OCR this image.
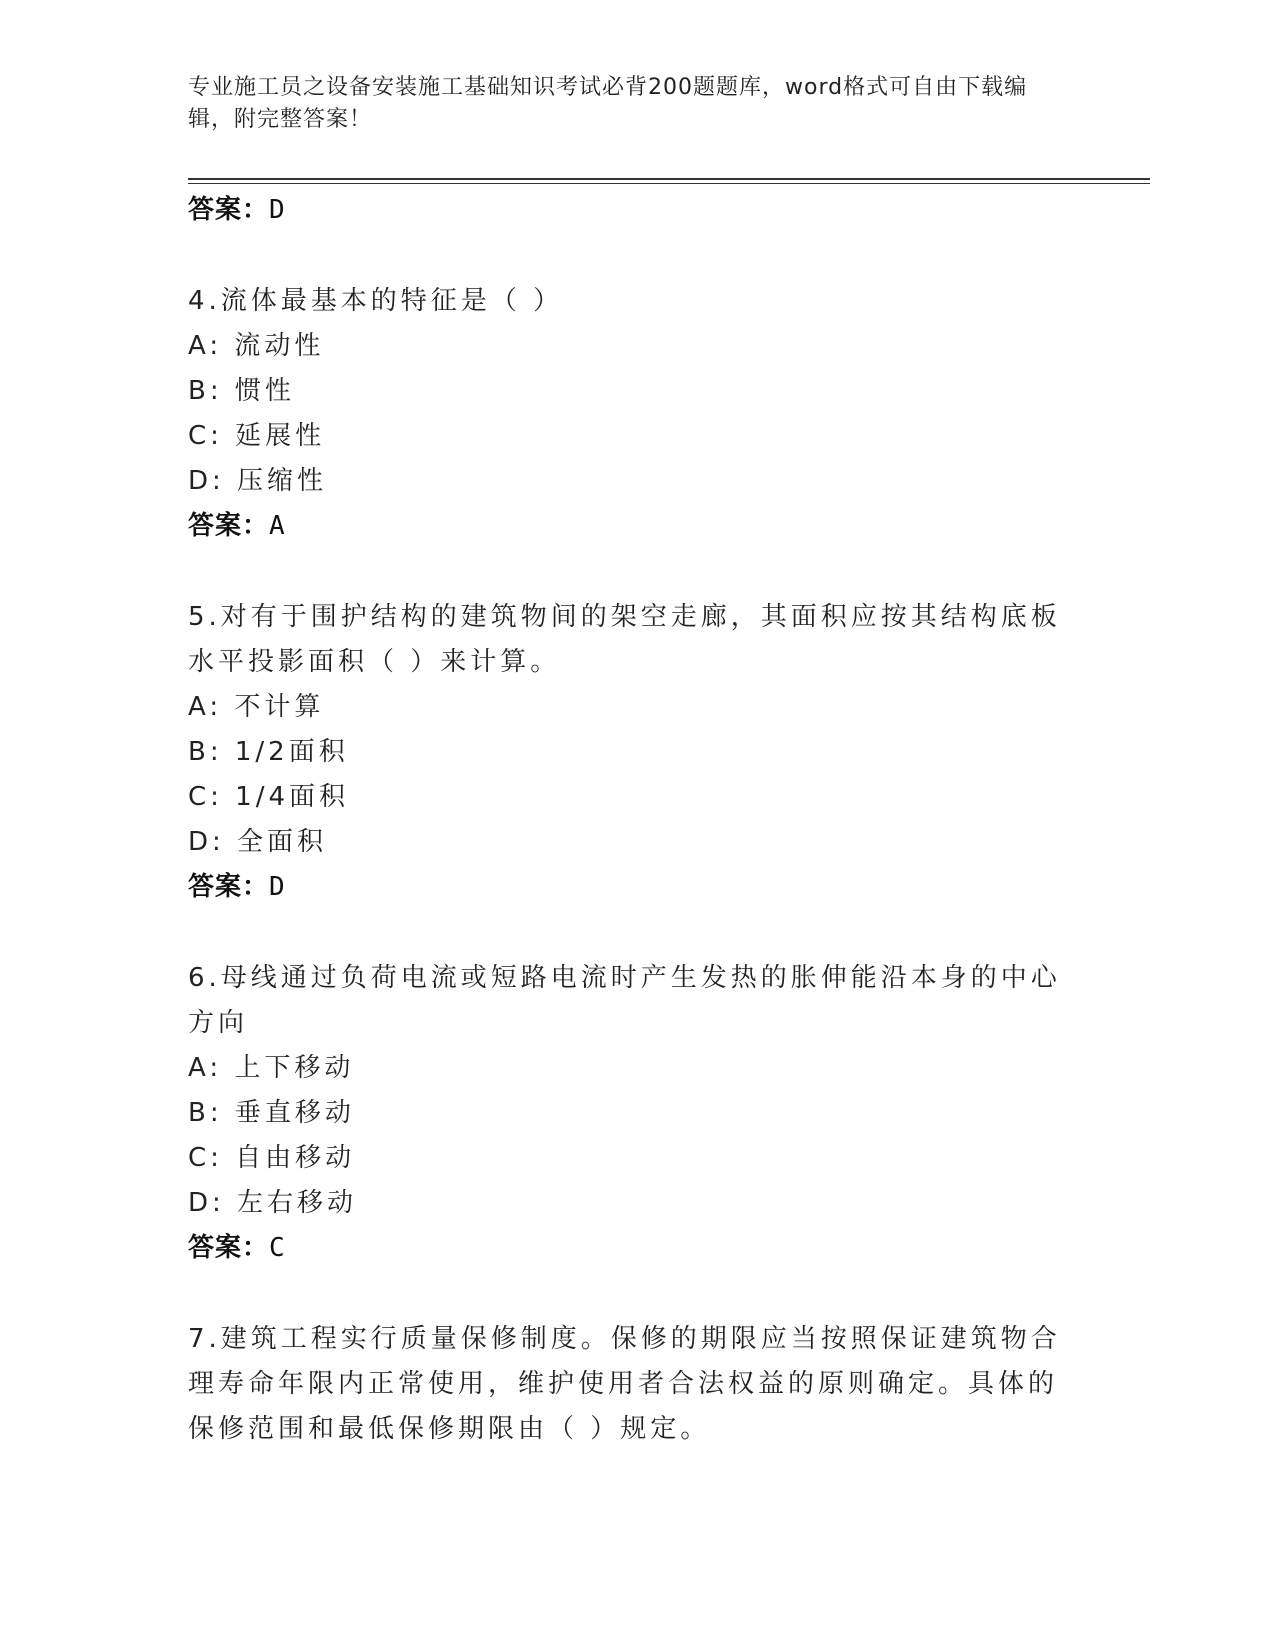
专业施工员之设备安装施工基础知识考试必背200题题库，word格式可自由下载编辑，附完整答案！

答案：D

4.流体最基本的特征是（ ）

A: 流动性

B: 惯性

C: 延展性

D: 压缩性

答案：A

5.对有于围护结构的建筑物间的架空走廊，其面积应按其结构底板水平投影面积（ ）来计算。

A: 不计算

B: 1/2面积

C: 1/4面积

D: 全面积

答案：D

6.母线通过负荷电流或短路电流时产生发热的胀伸能沿本身的中心方向

A: 上下移动

B: 垂直移动

C: 自由移动

D: 左右移动

答案：C

7.建筑工程实行质量保修制度。保修的期限应当按照保证建筑物合理寿命年限内正常使用，维护使用者合法权益的原则确定。具体的保修范围和最低保修期限由（ ）规定。
